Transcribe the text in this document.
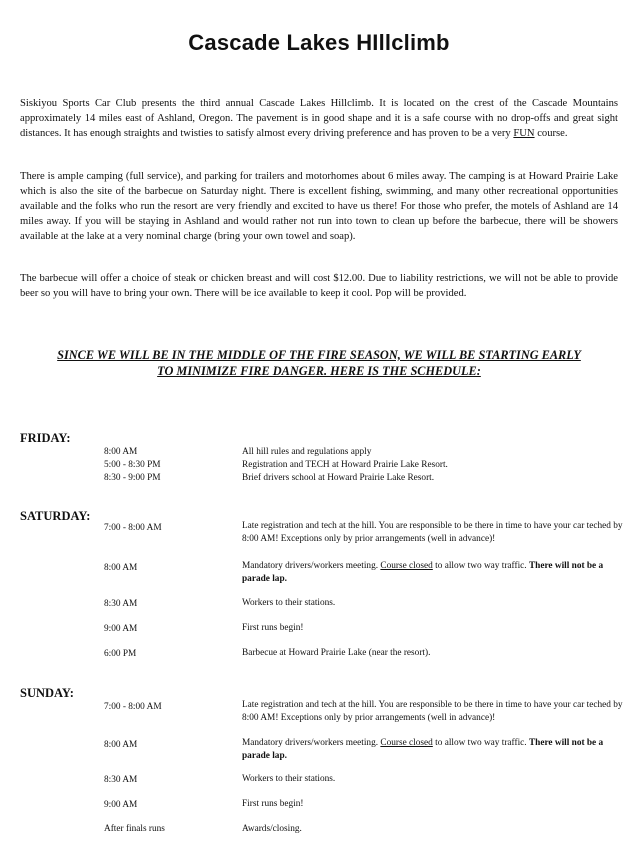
Cascade Lakes HIllclimb

Siskiyou Sports Car Club presents the third annual Cascade Lakes Hillclimb. It is located on the crest of the Cascade Mountains approximately 14 miles east of Ashland, Oregon. The pavement is in good shape and it is a safe course with no drop-offs and great sight distances. It has enough straights and twisties to satisfy almost every driving preference and has proven to be a very FUN course.

There is ample camping (full service), and parking for trailers and motorhomes about 6 miles away. The camping is at Howard Prairie Lake which is also the site of the barbecue on Saturday night. There is excellent fishing, swimming, and many other recreational opportunities available and the folks who run the resort are very friendly and excited to have us there! For those who prefer, the motels of Ashland are 14 miles away. If you will be staying in Ashland and would rather not run into town to clean up before the barbecue, there will be showers available at the lake at a very nominal charge (bring your own towel and soap).

The barbecue will offer a choice of steak or chicken breast and will cost $12.00. Due to liability restrictions, we will not be able to provide beer so you will have to bring your own. There will be ice available to keep it cool. Pop will be provided.

SINCE WE WILL BE IN THE MIDDLE OF THE FIRE SEASON, WE WILL BE STARTING EARLY
TO MINIMIZE FIRE DANGER. HERE IS THE SCHEDULE:
FRIDAY:
8:00 AM	All hill rules and regulations apply
5:00 - 8:30 PM	Registration and TECH at Howard Prairie Lake Resort.
8:30 - 9:00 PM	Brief drivers school at Howard Prairie Lake Resort.
SATURDAY:
7:00 - 8:00 AM	Late registration and tech at the hill. You are responsible to be there in time to have your car teched by 8:00 AM! Exceptions only by prior arrangements (well in advance)!
8:00 AM	Mandatory drivers/workers meeting. Course closed to allow two way traffic. There will not be a parade lap.
8:30 AM	Workers to their stations.
9:00 AM	First runs begin!
6:00 PM	Barbecue at Howard Prairie Lake (near the resort).
SUNDAY:
7:00 - 8:00 AM	Late registration and tech at the hill. You are responsible to be there in time to have your car teched by 8:00 AM! Exceptions only by prior arrangements (well in advance)!
8:00 AM	Mandatory drivers/workers meeting. Course closed to allow two way traffic. There will not be a parade lap.
8:30 AM	Workers to their stations.
9:00 AM	First runs begin!
After finals runs	Awards/closing.
